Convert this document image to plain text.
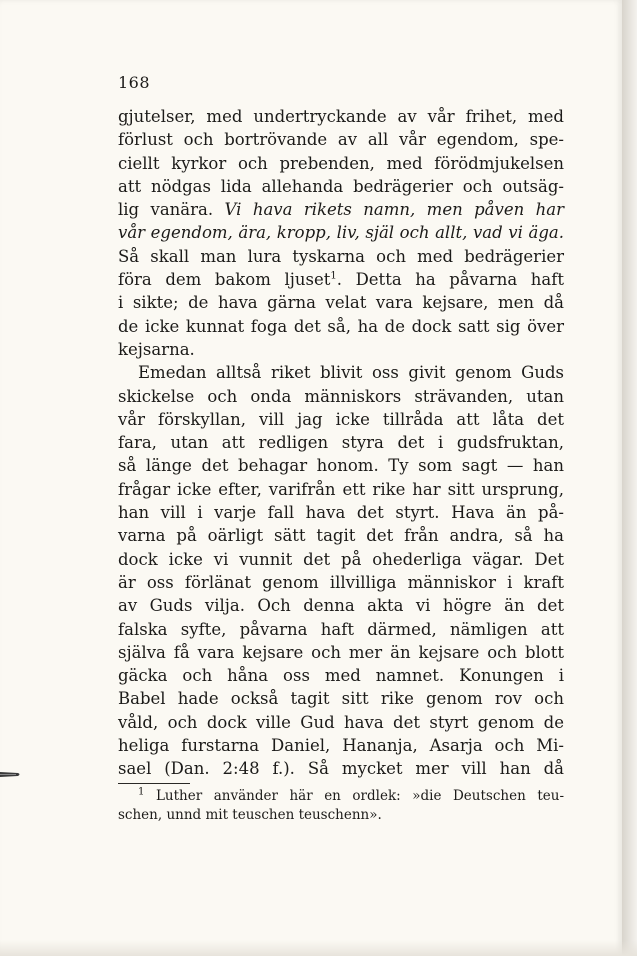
168
gjutelser, med undertryckande av vår frihet, med
förlust och bortrövande av all vår egendom, spe-
ciellt kyrkor och prebenden, med förödmjukelsen
att nödgas lida allehanda bedrägerier och outsäg-
lig vanära. Vi hava rikets namn, men påven har
vår egendom, ära, kropp, liv, själ och allt, vad vi äga.
Så skall man lura tyskarna och med bedrägerier
föra dem bakom ljuset$^1$. Detta ha påvarna haft
i sikte; de hava gärna velat vara kejsare, men då
de icke kunnat foga det så, ha de dock satt sig över
kejsarna.
Emedan alltså riket blivit oss givit genom Guds
skickelse och onda människors strävanden, utan
vår förskyllan, vill jag icke tillråda att låta det
fara, utan att redligen styra det i gudsfruktan,
så länge det behagar honom. Ty som sagt — han
frågar icke efter, varifrån ett rike har sitt ursprung,
han vill i varje fall hava det styrt. Hava än på-
varna på oärligt sätt tagit det från andra, så ha
dock icke vi vunnit det på ohederliga vägar. Det
är oss förlänat genom illvilliga människor i kraft
av Guds vilja. Och denna akta vi högre än det
falska syfte, påvarna haft därmed, nämligen att
själva få vara kejsare och mer än kejsare och blott
gäcka och håna oss med namnet. Konungen i
Babel hade också tagit sitt rike genom rov och
våld, och dock ville Gud hava det styrt genom de
heliga furstarna Daniel, Hananja, Asarja och Mi-
sael (Dan. 2:48 f.). Så mycket mer vill han då
$^1$ Luther använder här en ordlek: »die Deutschen teu-
schen, unnd mit teuschen teuschenn».
